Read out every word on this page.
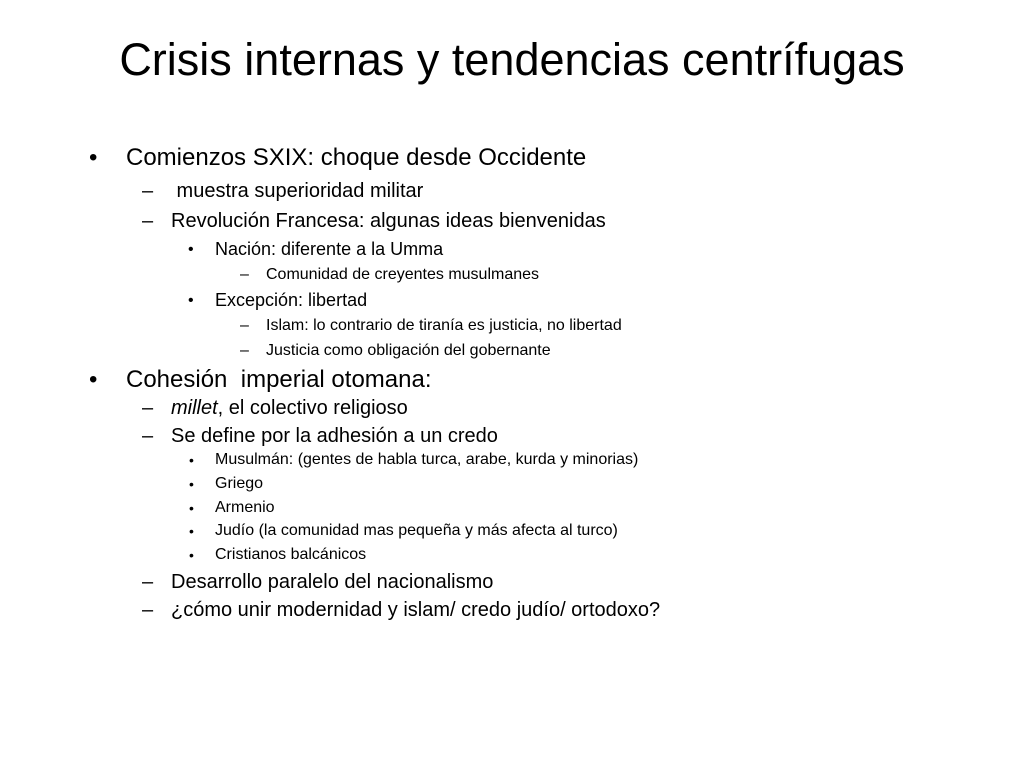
Crisis internas y tendencias centrífugas
• Comienzos SXIX: choque desde Occidente
– muestra superioridad militar
– Revolución Francesa: algunas ideas bienvenidas
• Nación: diferente a la Umma
– Comunidad de creyentes musulmanes
• Excepción: libertad
– Islam: lo contrario de tiranía es justicia, no libertad
– Justicia como obligación del gobernante
• Cohesión  imperial otomana:
– millet, el colectivo religioso
– Se define por la adhesión a un credo
• Musulmán: (gentes de habla turca, arabe, kurda y minorias)
• Griego
• Armenio
• Judío (la comunidad mas pequeña y más afecta al turco)
• Cristianos balcánicos
– Desarrollo paralelo del nacionalismo
– ¿cómo unir modernidad y islam/ credo judío/ ortodoxo?
